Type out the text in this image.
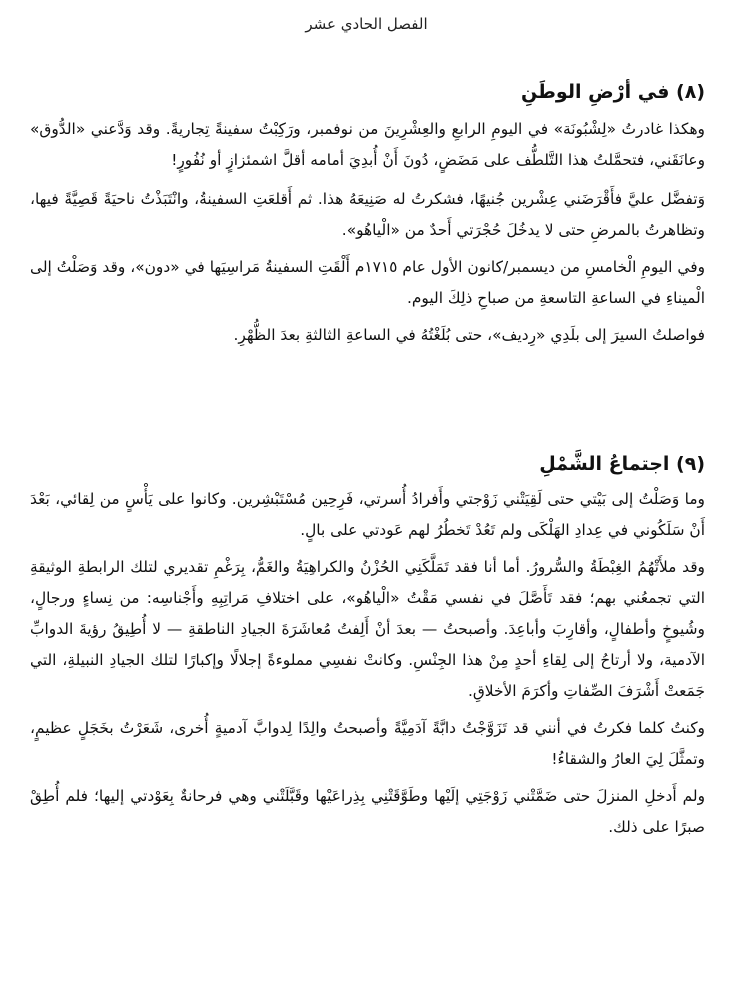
الفصل الحادي عشر
(٨) في أرْضِ الوطَنِ

وهكذا غادرتُ «لِشْبُونَة» في اليومِ الرابعِ والعِشْرِينَ من نوفمبر، ورَكِبْتُ سفينةً تِجاريةً. وقد وَدَّعني «الدُّوق» وعانَقَني، فتحمَّلتُ هذا التَّلطُّف على مَضَضٍ، دُونَ أَنْ أُبدِيَ أمامه أقلَّ اشمئزازٍ أو نُفُورٍ!

وَتفضَّل عليَّ فأَقْرَضَني عِشْرين جُنيهًا، فشكرتُ له صَنِيعَهُ هذا. ثم أَقلعَتِ السفينةُ، وانْتَبَذْتُ ناحيَةً قَصِيَّةً فيها، وتظاهرتُ بالمرضِ حتى لا يدخُلَ حُجْرَتي أَحدٌ من «الْياهُو».

وفي اليومِ الْخامسِ من ديسمبر/كانون الأول عام ١٧١٥م أَلْقَتِ السفينةُ مَراسِيَها في «دون»، وقد وَصَلْتُ إلى الْميناءِ في الساعةِ التاسعةِ من صباحِ ذلِكَ اليوم.

فواصلتُ السيرَ إلى بلَدِي «رِديف»، حتى بُلَغْتُهُ في الساعةِ الثالثةِ بعدَ الظُّهْرِ.

(٩) اجتماعُ الشَّمْلِ

وما وَصَلْتُ إلى بَيْتي حتى لَقِيَتْني زَوْجتي وأَفرادُ أُسرتي، فَرِحِين مُسْتَبْشِرين. وكانوا على يَأْسٍ من لِقائي، بَعْدَ أَنْ سَلَكُوني في عِدادِ الهَلْكَى ولم تَعُدْ تَخطُرُ لهم عَودتي على بالٍ.

وقد ملأَتْهُمُ الغِبْطَةُ والسُّرورُ. أما أنا فقد تَمَلَّكَنِي الحُزْنُ والكراهِيَةُ والغَمُّ، بِرَغْمِ تقديري لتلك الرابطةِ الوثيقةِ التي تجمعُني بهم؛ فقد تَأَصَّلَ في نفسي مَقْتُ «الْياهُو»، على اختلافِ مَراتِبِهِ وأَجْناسِه: من نِساءٍ ورجالٍ، وشُيوخٍ وأطفالٍ، وأقارِبَ وأباعِدَ. وأصبحتُ — بعدَ أنْ أَلِفتُ مُعاشَرَةَ الجيادِ الناطقةِ — لا أُطِيقُ رؤيةَ الدوابِّ الآدمية، ولا أرتاحُ إلى لِقاءِ أحدٍ مِنْ هذا الجِنْسِ. وكانتْ نفسِي مملوءةً إجلالًا وإكبارًا لتلك الجيادِ النبيلةِ، التي جَمَعتْ أَشْرَفَ الصِّفاتِ وأكرَمَ الأخلاقِ.

وكنتُ كلما فكرتُ في أنني قد تَزَوَّجْتُ دابَّةً آدَمِيَّةً وأصبحتُ والِدًا لِدوابَّ آدميةٍ أُخرى، شَعَرْتُ بخَجَلٍ عظيمٍ، وتمثَّلَ لِيَ العارُ والشقاءُ!

ولم أَدخلِ المنزلَ حتى ضَمَّتْني زَوْجَتِي إلَيْها وطَوَّقَتْنِي بِذِراعَيْها وقَبَّلَتْني وهي فرحانةٌ بِعَوْدتي إليها؛ فلم أُطِقْ صبرًا على ذلك.
